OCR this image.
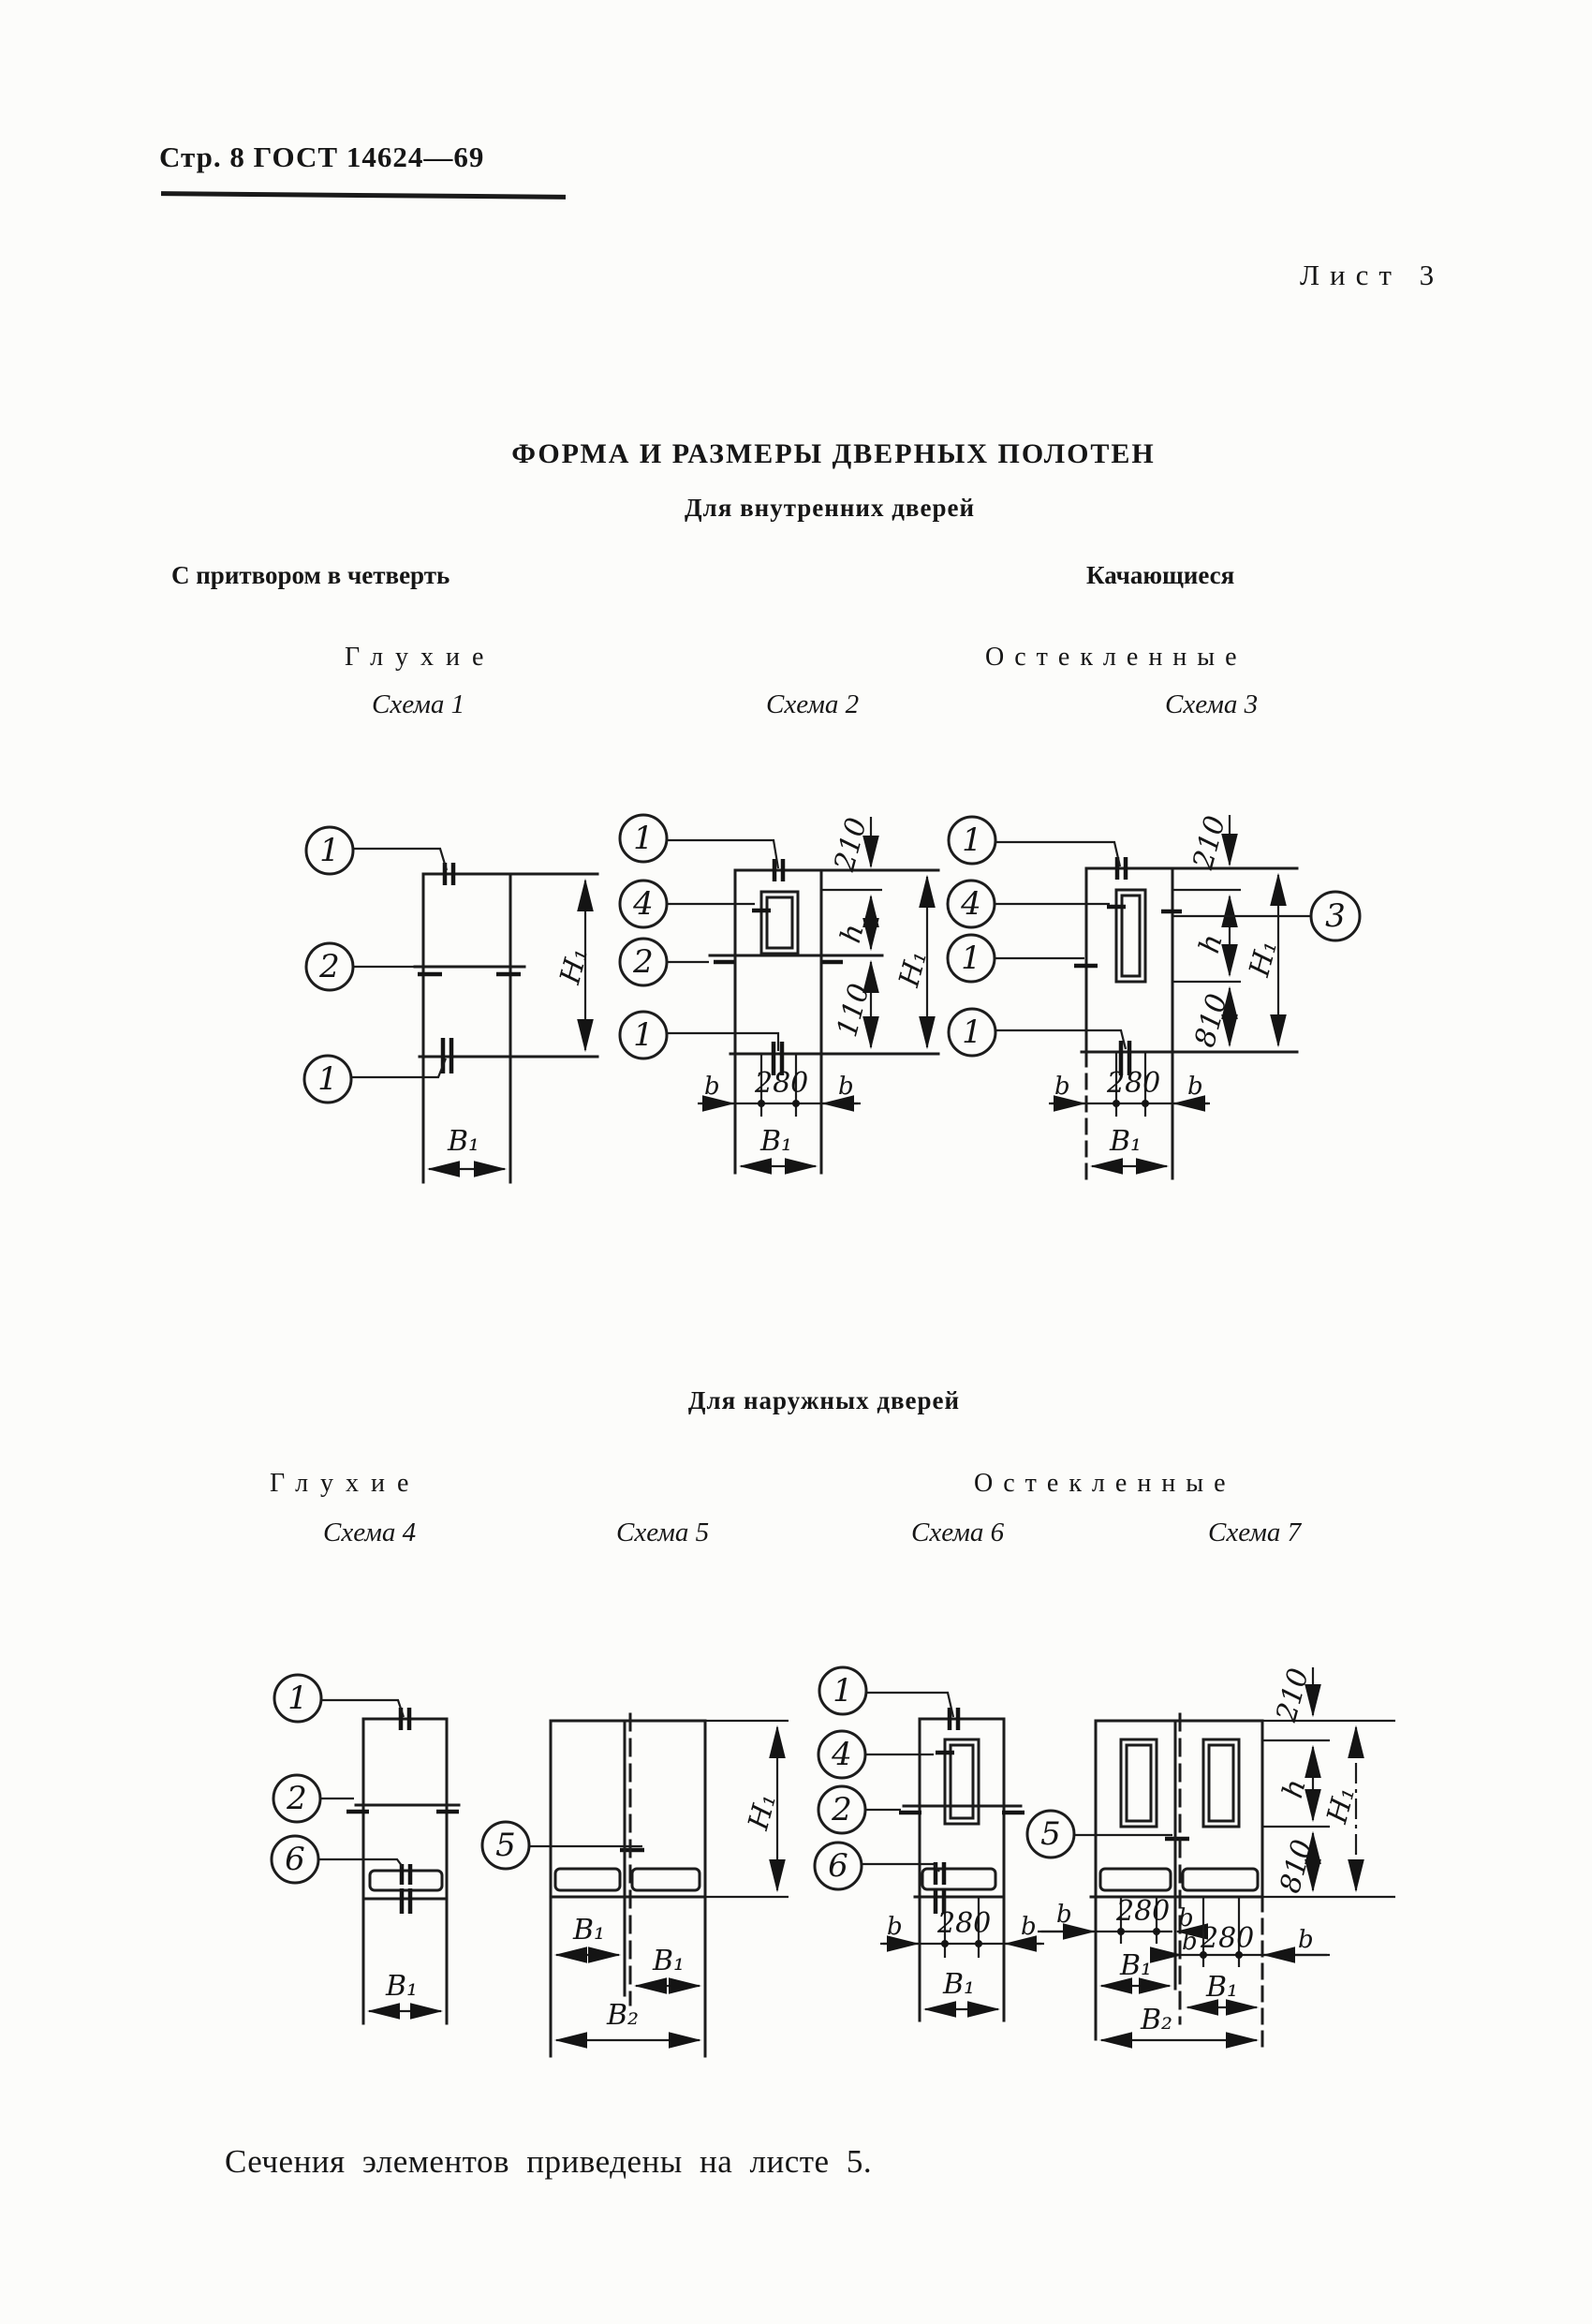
Стр. 8 ГОСТ 14624—69
Лист 3
ФОРМА И РАЗМЕРЫ ДВЕРНЫХ ПОЛОТЕН
Для внутренних дверей
С притвором в четверть	Качающиеся
Глухие	Остекленные
Схема 1	Схема 2	Схема 3
Для наружных дверей
Глухие	Остекленные
Схема 4	Схема 5	Схема 6	Схема 7
Сечения элементов приведены на листе 5.
H₁
B₁
1
2
1
210
h
110
H₁
b 280 b
B₁
1
4
2
1
210
h
810
H₁
b 280 b
B₁
1
4
1
1
3
B₁
1
2
6	5
H₁
B₁
B₁
B₂
b 280 b
B₁
1
4
2
6
5
210
h
810
H₁
b 280 b
b 280 b
B₁
B₁
B₂
